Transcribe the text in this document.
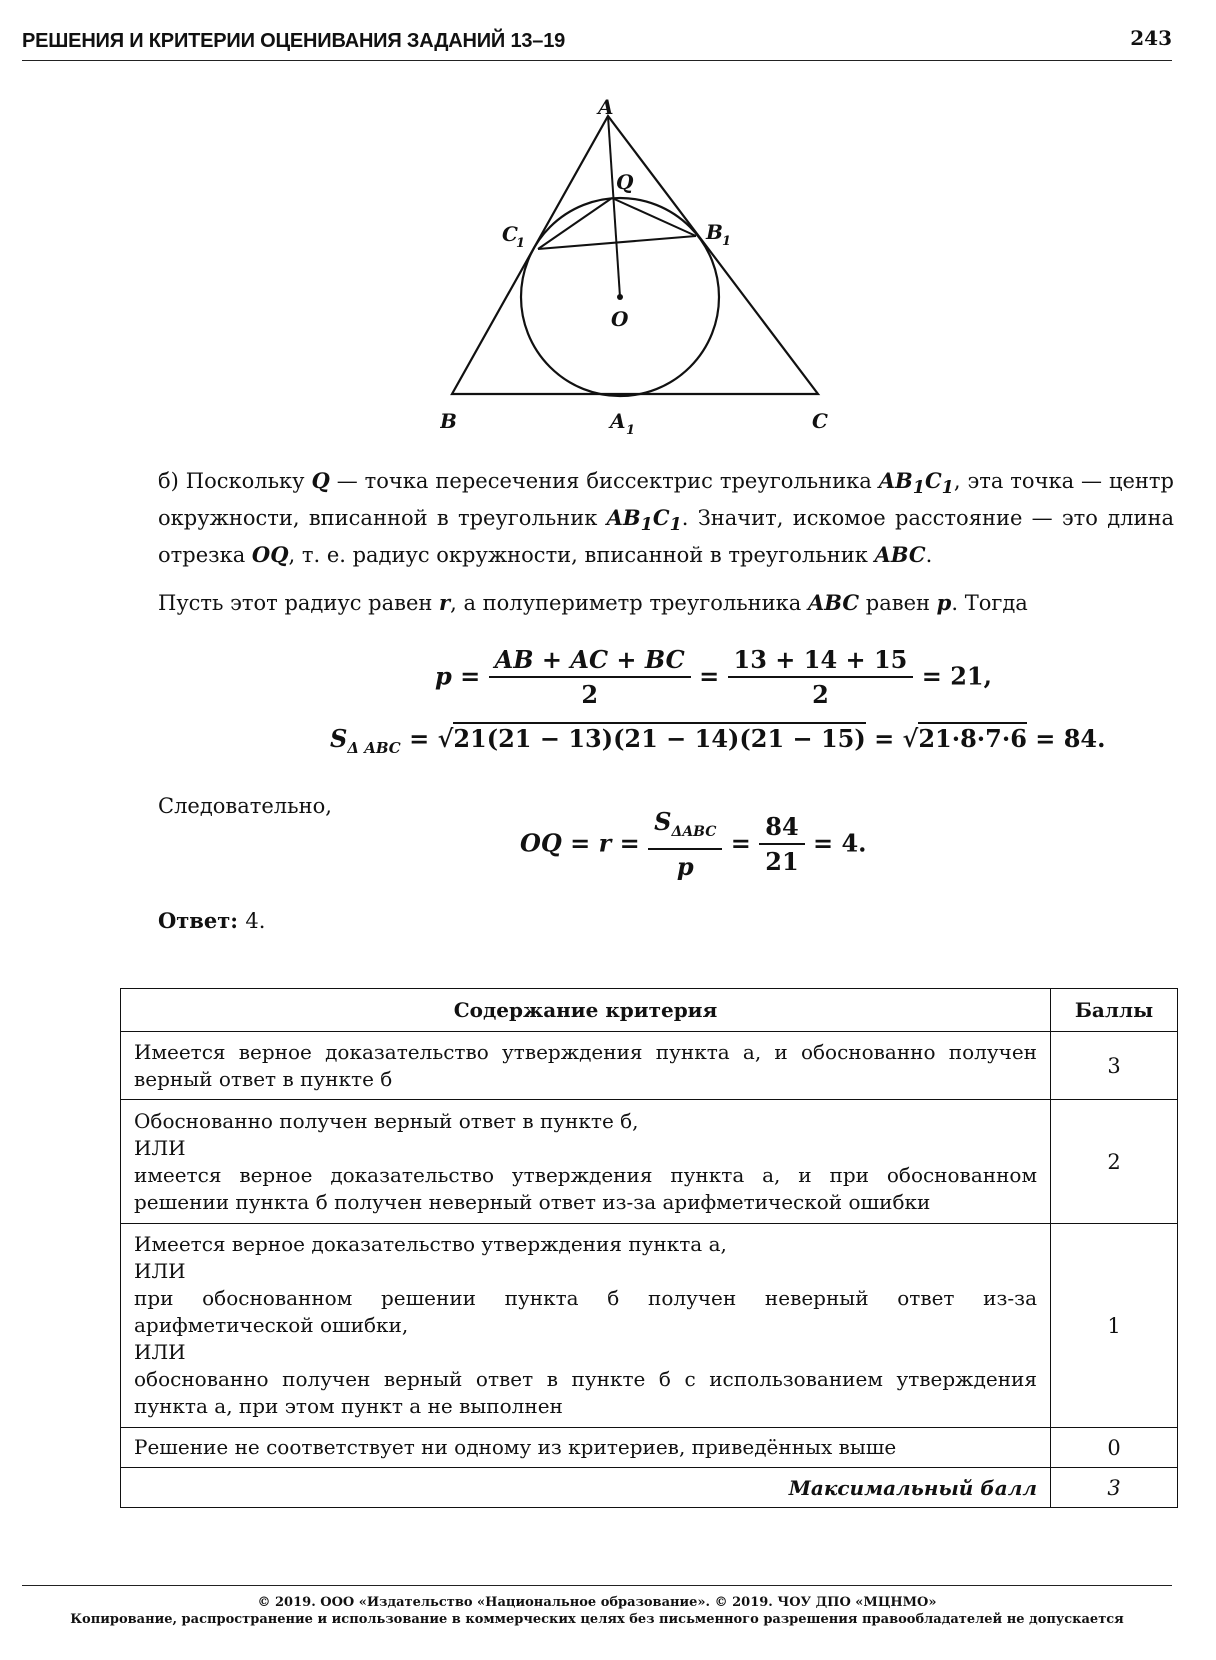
РЕШЕНИЯ И КРИТЕРИИ ОЦЕНИВАНИЯ ЗАДАНИЙ 13–19	243
A
Q
C
1	B 1
O
B	A 1	C
б) Поскольку Q — точка пересечения биссектрис треугольника $AB_1C_1$, эта точка — центр окружности, вписанной в треугольник $AB_1C_1$. Значит, искомое расстояние — это длина отрезка OQ, т. е. радиус окружности, вписанной в треугольник ABC.
Пусть этот радиус равен r, а полупериметр треугольника ABC равен p. Тогда
$p = \frac{AB + AC + BC}{2} = \frac{13 + 14 + 15}{2} = 21$,
$S_{\Delta ABC} = √21(21 - 13)(21 - 14)(21 - 15) = √21\cdot 8\cdot 7\cdot 6 = 84$.
Следовательно,
OQ = $r = \frac{S_{\Delta ABC}}{p} = \frac{84}{21} = 4$.
Ответ: 4.
Содержание критерия	Баллы
Имеется верное доказательство утверждения пункта а, и обоснованно получен верный ответ в пункте б	3

Обоснованно получен верный ответ в пункте б,
ИЛИ
имеется верное доказательство утверждения пункта а, и при обоснованном решении пункта б получен неверный ответ из-за арифметической ошибки	2

Имеется верное доказательство утверждения пункта а,
ИЛИ
при обоснованном решении пункта б получен неверный ответ из-за арифметической ошибки,
ИЛИ
обоснованно получен верный ответ в пункте б с использованием утверждения пункта а, при этом пункт а не выполнен	1
Решение не соответствует ни одному из критериев, приведённых выше	0
Максимальный балл	3
© 2019. ООО «Издательство «Национальное образование». © 2019. ЧОУ ДПО «МЦНМО»
Копирование, распространение и использование в коммерческих целях без письменного разрешения правообладателей не допускается
